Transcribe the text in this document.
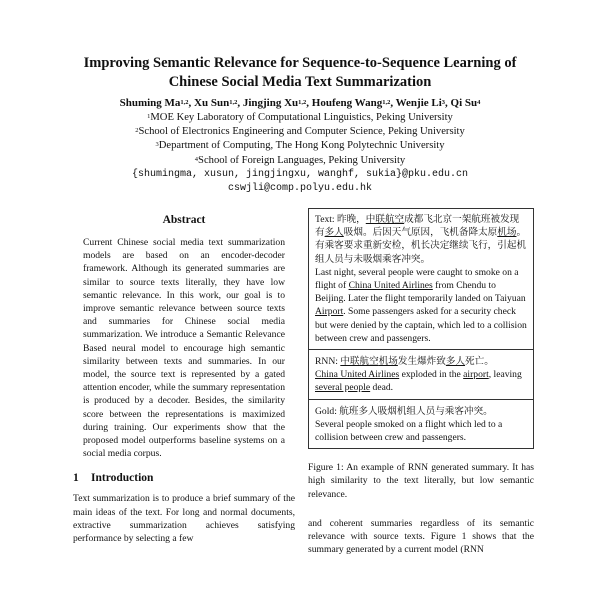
Improving Semantic Relevance for Sequence-to-Sequence Learning of
Chinese Social Media Text Summarization
Shuming Ma$^{1,2}$, Xu Sun$^{1,2}$, Jingjing Xu$^{1,2}$, Houfeng Wang$^{1,2}$, Wenjie Li$^3$, Qi Su$^4$
$^1$MOE Key Laboratory of Computational Linguistics, Peking University
$^2$School of Electronics Engineering and Computer Science, Peking University
$^3$Department of Computing, The Hong Kong Polytechnic University
$^4$School of Foreign Languages, Peking University
{shumingma, xusun, jingjingxu, wanghf, sukia}@pku.edu.cn
cswjli@comp.polyu.edu.hk
Abstract
Current Chinese social media text summarization models are based on an encoder-decoder framework. Although its generated summaries are similar to source texts literally, they have low semantic relevance. In this work, our goal is to improve semantic relevance between source texts and summaries for Chinese social media summarization. We introduce a Semantic Relevance Based neural model to encourage high semantic similarity between texts and summaries. In our model, the source text is represented by a gated attention encoder, while the summary representation is produced by a decoder. Besides, the similarity score between the representations is maximized during training. Our experiments show that the proposed model outperforms baseline systems on a social media corpus.
1 Introduction
Text summarization is to produce a brief summary of the main ideas of the text. For long and normal documents, extractive summarization achieves satisfying performance by selecting a few

Text: 昨晚，中联航空成都飞北京一架航班被发现有多人吸烟。后因天气原因，飞机备降太原机场。有乘客要求重新安检，机长决定继续飞行，引起机组人员与未吸烟乘客冲突。

Last night, several people were caught to smoke on a flight of China United Airlines from Chendu to Beijing. Later the flight temporarily landed on Taiyuan Airport. Some passengers asked for a security check but were denied by the captain, which led to a collision between crew and passengers.

RNN: 中联航空机场发生爆炸致多人死亡。

China United Airlines exploded in the airport, leaving several people dead.

Gold: 航班多人吸烟机组人员与乘客冲突。

Several people smoked on a flight which led to a collision between crew and passengers.

Figure 1: An example of RNN generated summary. It has high similarity to the text literally, but low semantic relevance.
and coherent summaries regardless of its semantic relevance with source texts. Figure 1 shows that the summary generated by a current model (RNN
